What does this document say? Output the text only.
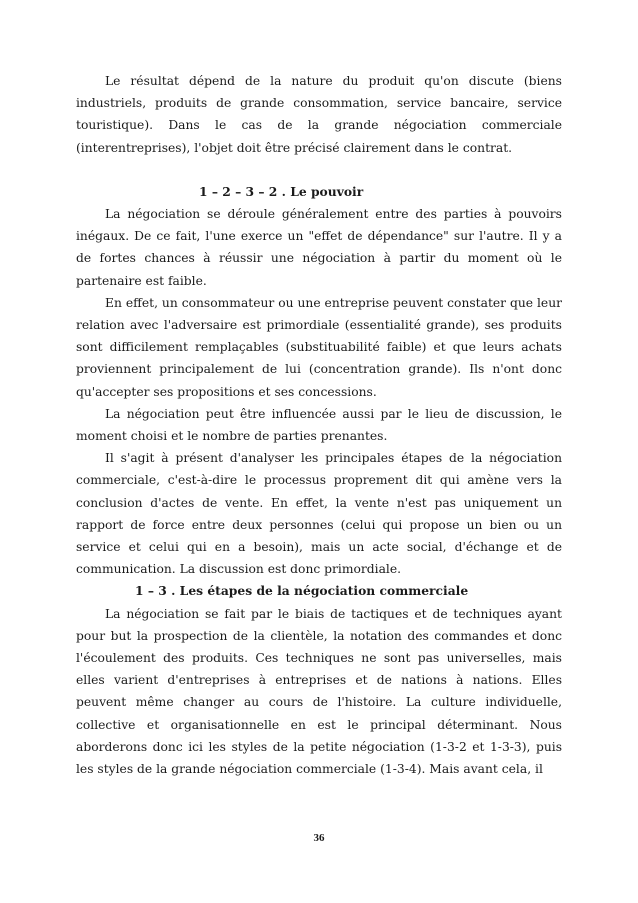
Le résultat dépend de la nature du produit qu'on discute (biens industriels, produits de grande consommation, service bancaire, service touristique). Dans le cas de la grande négociation commerciale (interentreprises), l'objet doit être précisé clairement dans le contrat.

1 – 2 – 3 – 2 . Le pouvoir

La négociation se déroule généralement entre des parties à pouvoirs inégaux. De ce fait, l'une exerce un "effet de dépendance" sur l'autre. Il y a de fortes chances à réussir une négociation à partir du moment où le partenaire est faible.

En effet, un consommateur ou une entreprise peuvent constater que leur relation avec l'adversaire est primordiale (essentialité grande), ses produits sont difficilement remplaçables (substituabilité faible) et que leurs achats proviennent principalement de lui (concentration grande). Ils n'ont donc qu'accepter ses propositions et ses concessions.

La négociation peut être influencée aussi par le lieu de discussion, le moment choisi et le nombre de parties prenantes.

Il s'agit à présent d'analyser les principales étapes de la négociation commerciale, c'est-à-dire le processus proprement dit qui amène vers la conclusion d'actes de vente. En effet, la vente n'est pas uniquement un rapport de force entre deux personnes (celui qui propose un bien ou un service et celui qui en a besoin), mais un acte social, d'échange et de communication. La discussion est donc primordiale.

1 – 3 . Les étapes de la négociation commerciale

La négociation se fait par le biais de tactiques et de techniques ayant pour but la prospection de la clientèle, la notation des commandes et donc l'écoulement des produits. Ces techniques ne sont pas universelles, mais elles varient d'entreprises à entreprises et de nations à nations. Elles peuvent même changer au cours de l'histoire. La culture individuelle, collective et organisationnelle en est le principal déterminant. Nous aborderons donc ici les styles de la petite négociation (1-3-2 et 1-3-3), puis les styles de la grande négociation commerciale (1-3-4). Mais avant cela, il

36
